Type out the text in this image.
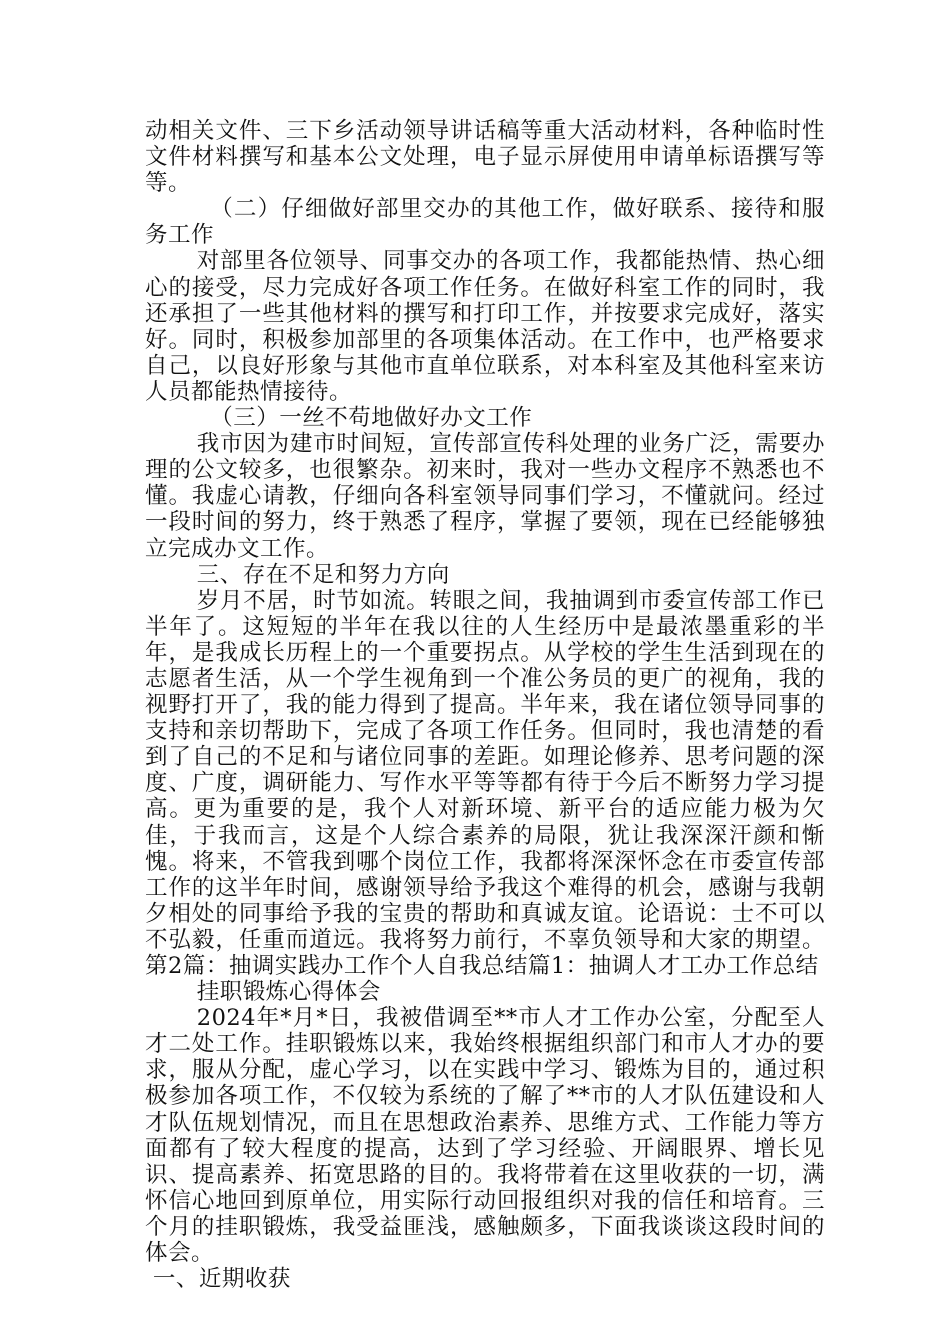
动相关文件、三下乡活动领导讲话稿等重大活动材料，各种临时性文件材料撰写和基本公文处理，电子显示屏使用申请单标语撰写等等。

（二）仔细做好部里交办的其他工作，做好联系、接待和服务工作

对部里各位领导、同事交办的各项工作，我都能热情、热心细心的接受，尽力完成好各项工作任务。在做好科室工作的同时，我还承担了一些其他材料的撰写和打印工作，并按要求完成好，落实好。同时，积极参加部里的各项集体活动。在工作中，也严格要求自己，以良好形象与其他市直单位联系，对本科室及其他科室来访人员都能热情接待。

（三）一丝不苟地做好办文工作

我市因为建市时间短，宣传部宣传科处理的业务广泛，需要办理的公文较多，也很繁杂。初来时，我对一些办文程序不熟悉也不懂。我虚心请教，仔细向各科室领导同事们学习，不懂就问。经过一段时间的努力，终于熟悉了程序，掌握了要领，现在已经能够独立完成办文工作。

三、存在不足和努力方向

岁月不居，时节如流。转眼之间，我抽调到市委宣传部工作已半年了。这短短的半年在我以往的人生经历中是最浓墨重彩的半年，是我成长历程上的一个重要拐点。从学校的学生生活到现在的志愿者生活，从一个学生视角到一个准公务员的更广的视角，我的视野打开了，我的能力得到了提高。半年来，我在诸位领导同事的支持和亲切帮助下，完成了各项工作任务。但同时，我也清楚的看到了自己的不足和与诸位同事的差距。如理论修养、思考问题的深度、广度，调研能力、写作水平等等都有待于今后不断努力学习提高。更为重要的是，我个人对新环境、新平台的适应能力极为欠佳，于我而言，这是个人综合素养的局限，犹让我深深汗颜和惭愧。将来，不管我到哪个岗位工作，我都将深深怀念在市委宣传部工作的这半年时间，感谢领导给予我这个难得的机会，感谢与我朝夕相处的同事给予我的宝贵的帮助和真诚友谊。论语说：士不可以不弘毅，任重而道远。我将努力前行，不辜负领导和大家的期望。第2篇：抽调实践办工作个人自我总结篇1：抽调人才工办工作总结

挂职锻炼心得体会

2024年*月*日，我被借调至**市人才工作办公室，分配至人才二处工作。挂职锻炼以来，我始终根据组织部门和市人才办的要求，服从分配，虚心学习，以在实践中学习、锻炼为目的，通过积极参加各项工作，不仅较为系统的了解了**市的人才队伍建设和人才队伍规划情况，而且在思想政治素养、思维方式、工作能力等方面都有了较大程度的提高，达到了学习经验、开阔眼界、增长见识、提高素养、拓宽思路的目的。我将带着在这里收获的一切，满怀信心地回到原单位，用实际行动回报组织对我的信任和培育。三个月的挂职锻炼，我受益匪浅，感触颇多，下面我谈谈这段时间的体会。

一、近期收获
